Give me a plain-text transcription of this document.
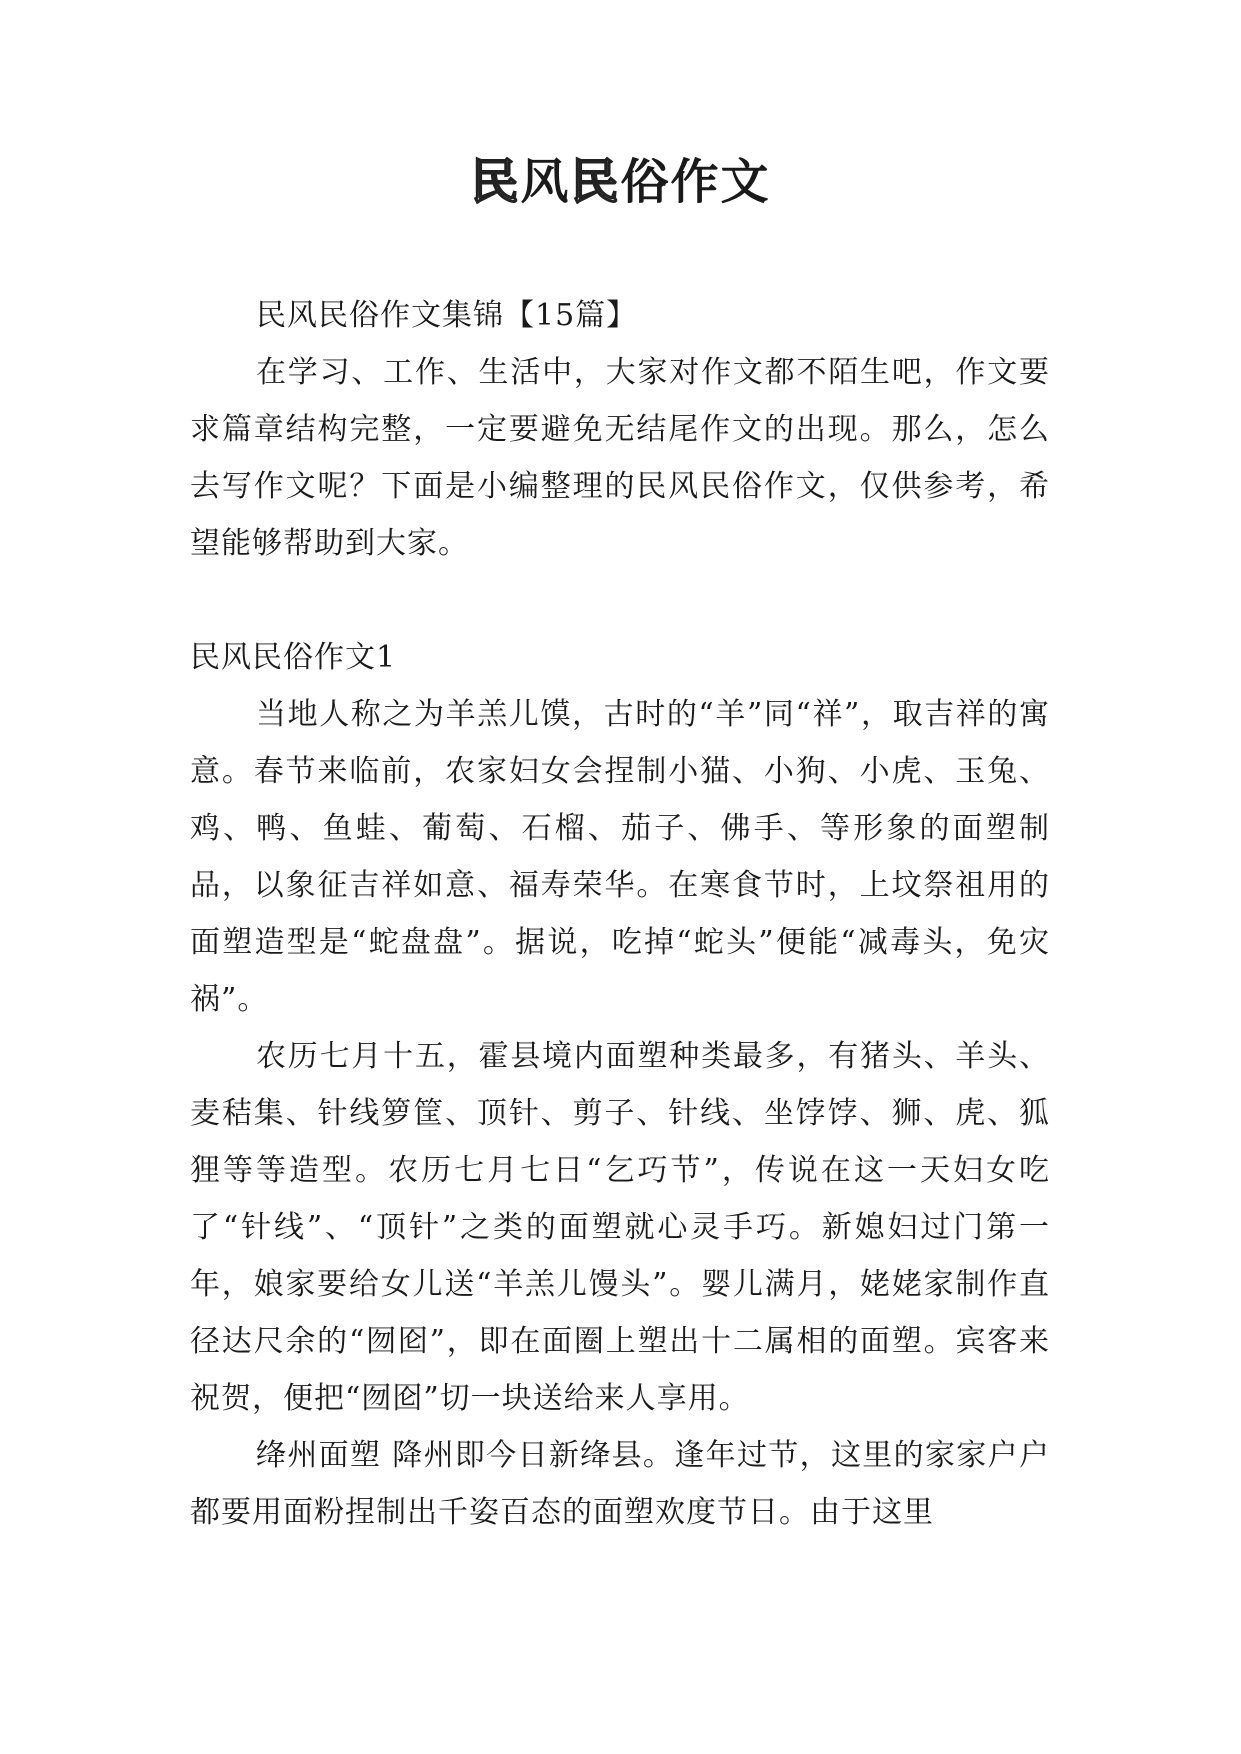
民风民俗作文

民风民俗作文集锦【15篇】

在学习、工作、生活中，大家对作文都不陌生吧，作文要求篇章结构完整，一定要避免无结尾作文的出现。那么，怎么去写作文呢？下面是小编整理的民风民俗作文，仅供参考，希望能够帮助到大家。

民风民俗作文1

当地人称之为羊羔儿馍，古时的“羊”同“祥”，取吉祥的寓意。春节来临前，农家妇女会捏制小猫、小狗、小虎、玉兔、鸡、鸭、鱼蛙、葡萄、石榴、茄子、佛手、等形象的面塑制品，以象征吉祥如意、福寿荣华。在寒食节时，上坟祭祖用的面塑造型是“蛇盘盘”。据说，吃掉“蛇头”便能“减毒头，免灾祸”。

农历七月十五，霍县境内面塑种类最多，有猪头、羊头、麦秸集、针线箩筐、顶针、剪子、针线、坐饽饽、狮、虎、狐狸等等造型。农历七月七日“乞巧节”，传说在这一天妇女吃了“针线”、“顶针”之类的面塑就心灵手巧。新媳妇过门第一年，娘家要给女儿送“羊羔儿馒头”。婴儿满月，姥姥家制作直径达尺余的“囫囵”，即在面圈上塑出十二属相的面塑。宾客来祝贺，便把“囫囵”切一块送给来人享用。

绛州面塑 降州即今日新绛县。逢年过节，这里的家家户户都要用面粉捏制出千姿百态的面塑欢度节日。由于这里
